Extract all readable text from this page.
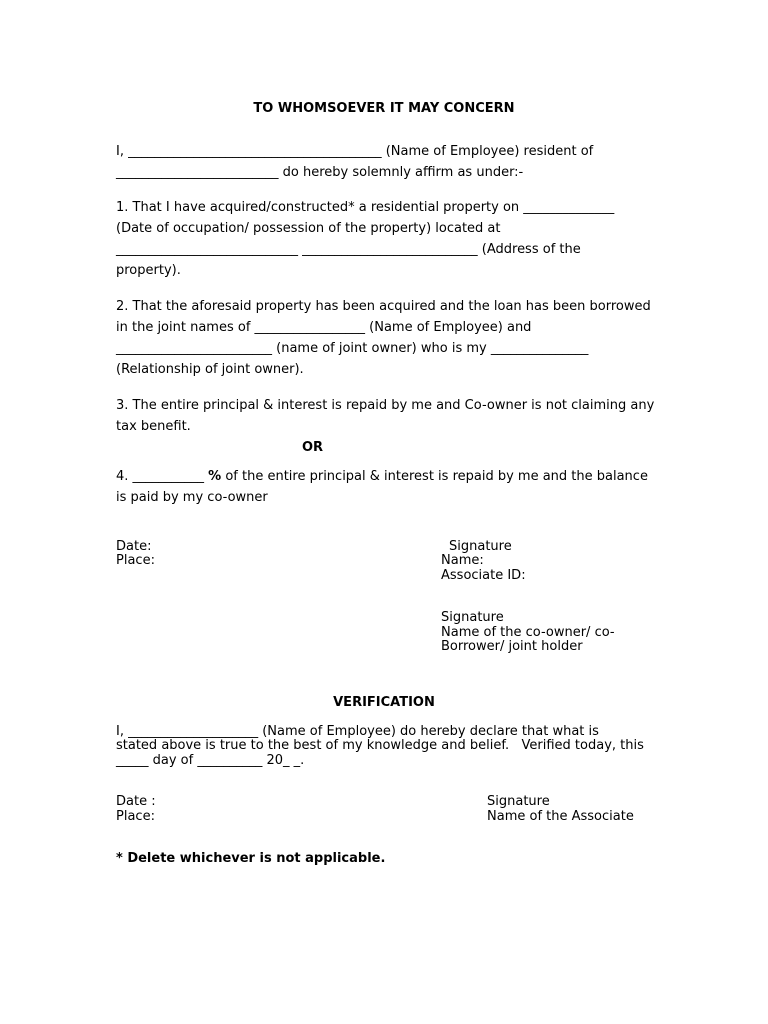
TO WHOMSOEVER IT MAY CONCERN
I, _______________________________________ (Name of Employee) resident of
_________________________ do hereby solemnly affirm as under:-
1. That I have acquired/constructed* a residential property on ______________
(Date of occupation/ possession of the property) located at
____________________________ ___________________________ (Address of the
property).
2. That the aforesaid property has been acquired and the loan has been borrowed
in the joint names of _________________ (Name of Employee) and
________________________ (name of joint owner) who is my _______________
(Relationship of joint owner).
3. The entire principal & interest is repaid by me and Co-owner is not claiming any
tax benefit.
OR
4. ___________ % of the entire principal & interest is repaid by me and the balance
is paid by my co-owner
Date:
Place:
Signature
Name:
Associate ID:
Signature
Name of the co-owner/ co-
Borrower/ joint holder
VERIFICATION
I, ____________________ (Name of Employee) do hereby declare that what is
stated above is true to the best of my knowledge and belief.   Verified today, this
_____ day of __________ 20_ _.
Date :
Place:
Signature
Name of the Associate
* Delete whichever is not applicable.
